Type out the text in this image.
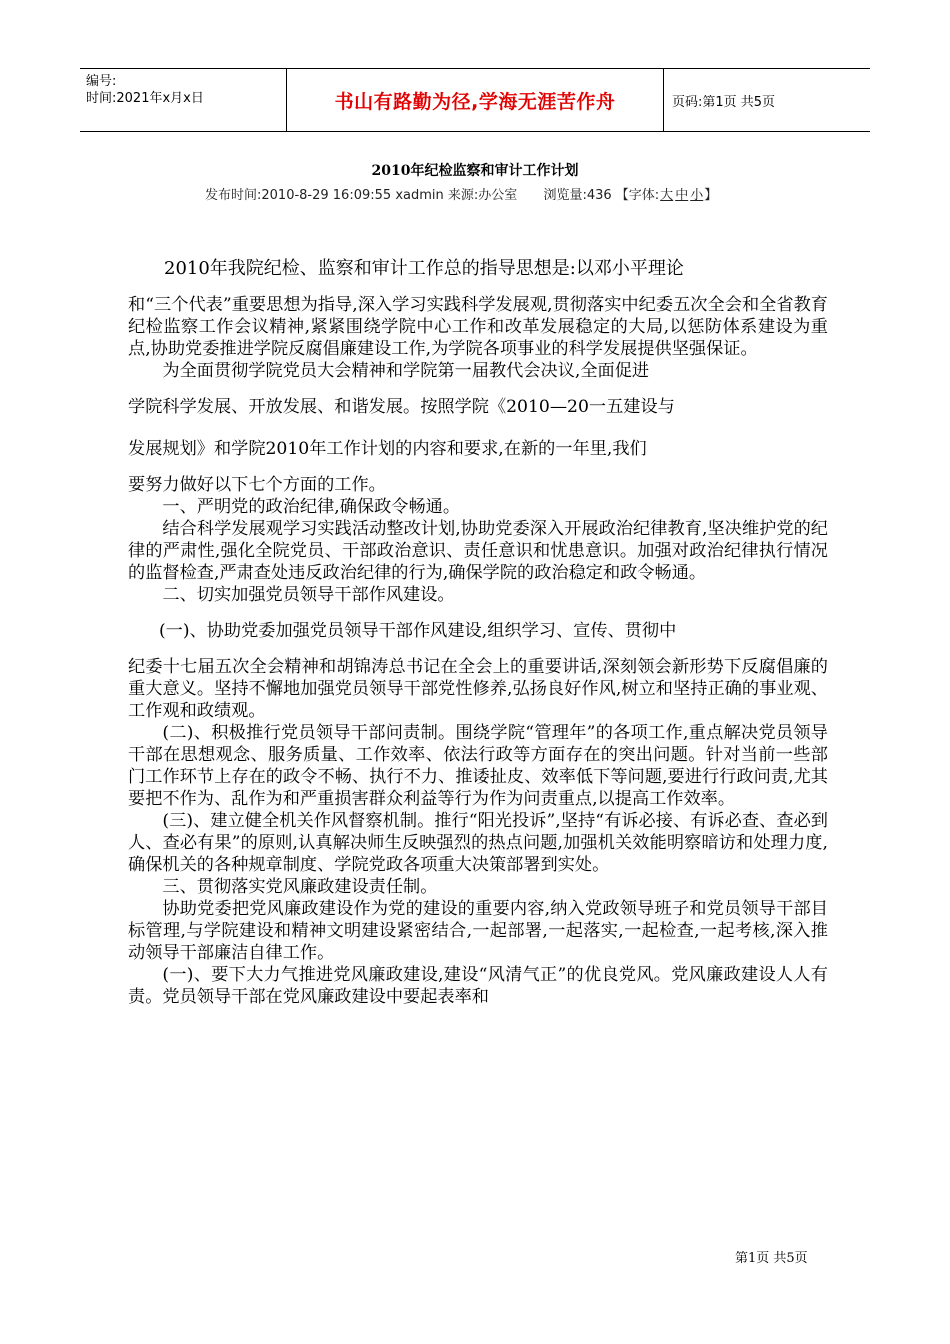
编号:
时间:2021年x月x日	书山有路勤为径,学海无涯苦作舟	页码:第1页 共5页
2010年纪检监察和审计工作计划
发布时间:2010-8-29 16:09:55 xadmin 来源:办公室 浏览量:436 【字体:大 中 小】

2010年我院纪检、监察和审计工作总的指导思想是:以邓小平理论

和“三个代表”重要思想为指导,深入学习实践科学发展观,贯彻落实中纪委五次全会和全省教育纪检监察工作会议精神,紧紧围绕学院中心工作和改革发展稳定的大局,以惩防体系建设为重点,协助党委推进学院反腐倡廉建设工作,为学院各项事业的科学发展提供坚强保证。

为全面贯彻学院党员大会精神和学院第一届教代会决议,全面促进

学院科学发展、开放发展、和谐发展。按照学院《2010—20一五建设与

发展规划》和学院2010年工作计划的内容和要求,在新的一年里,我们

要努力做好以下七个方面的工作。

一、严明党的政治纪律,确保政令畅通。

结合科学发展观学习实践活动整改计划,协助党委深入开展政治纪律教育,坚决维护党的纪律的严肃性,强化全院党员、干部政治意识、责任意识和忧患意识。加强对政治纪律执行情况的监督检查,严肃查处违反政治纪律的行为,确保学院的政治稳定和政令畅通。

二、切实加强党员领导干部作风建设。

(一)、协助党委加强党员领导干部作风建设,组织学习、宣传、贯彻中

纪委十七届五次全会精神和胡锦涛总书记在全会上的重要讲话,深刻领会新形势下反腐倡廉的重大意义。坚持不懈地加强党员领导干部党性修养,弘扬良好作风,树立和坚持正确的事业观、工作观和政绩观。

(二)、积极推行党员领导干部问责制。围绕学院“管理年”的各项工作,重点解决党员领导干部在思想观念、服务质量、工作效率、依法行政等方面存在的突出问题。针对当前一些部门工作环节上存在的政令不畅、执行不力、推诿扯皮、效率低下等问题,要进行行政问责,尤其要把不作为、乱作为和严重损害群众利益等行为作为问责重点,以提高工作效率。

(三)、建立健全机关作风督察机制。推行“阳光投诉”,坚持“有诉必接、有诉必查、查必到人、查必有果”的原则,认真解决师生反映强烈的热点问题,加强机关效能明察暗访和处理力度,确保机关的各种规章制度、学院党政各项重大决策部署到实处。

三、贯彻落实党风廉政建设责任制。

协助党委把党风廉政建设作为党的建设的重要内容,纳入党政领导班子和党员领导干部目标管理,与学院建设和精神文明建设紧密结合,一起部署,一起落实,一起检查,一起考核,深入推动领导干部廉洁自律工作。

(一)、要下大力气推进党风廉政建设,建设“风清气正”的优良党风。党风廉政建设人人有责。党员领导干部在党风廉政建设中要起表率和

第1页 共5页
